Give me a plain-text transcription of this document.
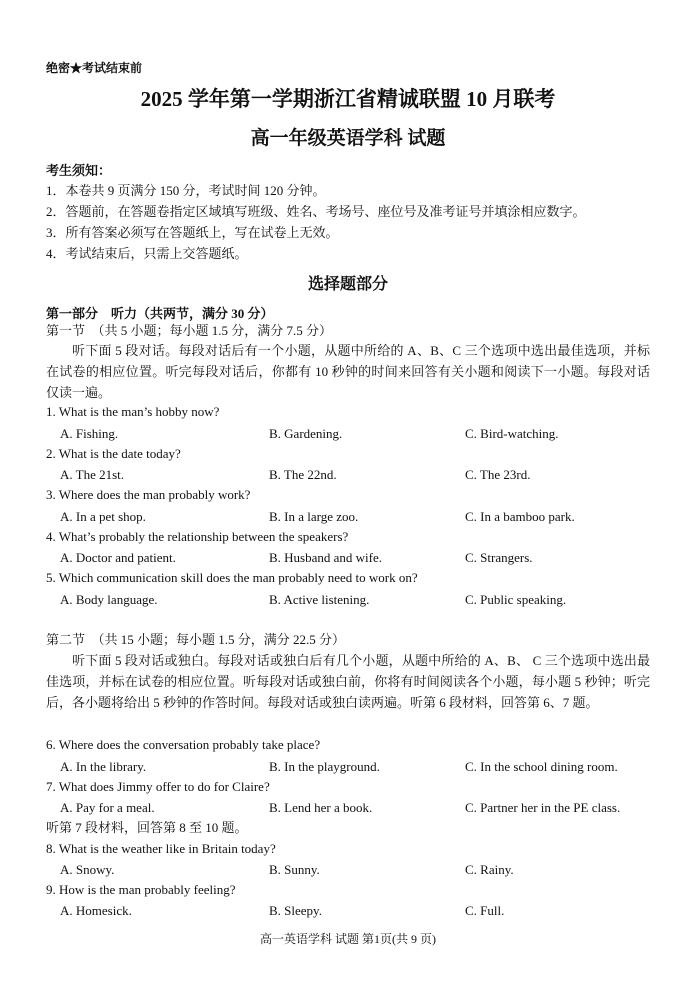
绝密★考试结束前
2025 学年第一学期浙江省精诚联盟 10 月联考
高一年级英语学科 试题
考生须知：
1．本卷共 9 页满分 150 分，考试时间 120 分钟。
2．答题前，在答题卷指定区域填写班级、姓名、考场号、座位号及准考证号并填涂相应数字。
3．所有答案必须写在答题纸上，写在试卷上无效。
4．考试结束后，只需上交答题纸。
选择题部分
第一部分　听力（共两节，满分 30 分）
第一节　（共 5 小题；每小题 1.5 分，满分 7.5 分）
听下面 5 段对话。每段对话后有一个小题，从题中所给的 A、B、C 三个选项中选出最佳选项，并标在试卷的相应位置。听完每段对话后，你都有 10 秒钟的时间来回答有关小题和阅读下一小题。每段对话仅读一遍。
1. What is the man’s hobby now?
A. Fishing.	B. Gardening.	C. Bird-watching.
2. What is the date today?
A. The 21st.	B. The 22nd.	C. The 23rd.
3. Where does the man probably work?
A. In a pet shop.	B. In a large zoo.	C. In a bamboo park.
4. What’s probably the relationship between the speakers?
A. Doctor and patient.	B. Husband and wife.	C. Strangers.
5. Which communication skill does the man probably need to work on?
A. Body language.	B. Active listening.	C. Public speaking.
第二节　（共 15 小题；每小题 1.5 分，满分 22.5 分）
听下面 5 段对话或独白。每段对话或独白后有几个小题，从题中所给的 A、B、 C 三个选项中选出最佳选项，并标在试卷的相应位置。听每段对话或独白前，你将有时间阅读各个小题，每小题 5 秒钟；听完后，各小题将给出 5 秒钟的作答时间。每段对话或独白读两遍。听第 6 段材料，回答第 6、7 题。
6. Where does the conversation probably take place?
A. In the library.	B. In the playground.	C. In the school dining room.
7. What does Jimmy offer to do for Claire?
A. Pay for a meal.	B. Lend her a book.	C. Partner her in the PE class.
听第 7 段材料，回答第 8 至 10 题。
8. What is the weather like in Britain today?
A. Snowy.	B. Sunny.	C. Rainy.
9. How is the man probably feeling?
A. Homesick.	B. Sleepy.	C. Full.
高一英语学科 试题 第1页(共 9 页)
